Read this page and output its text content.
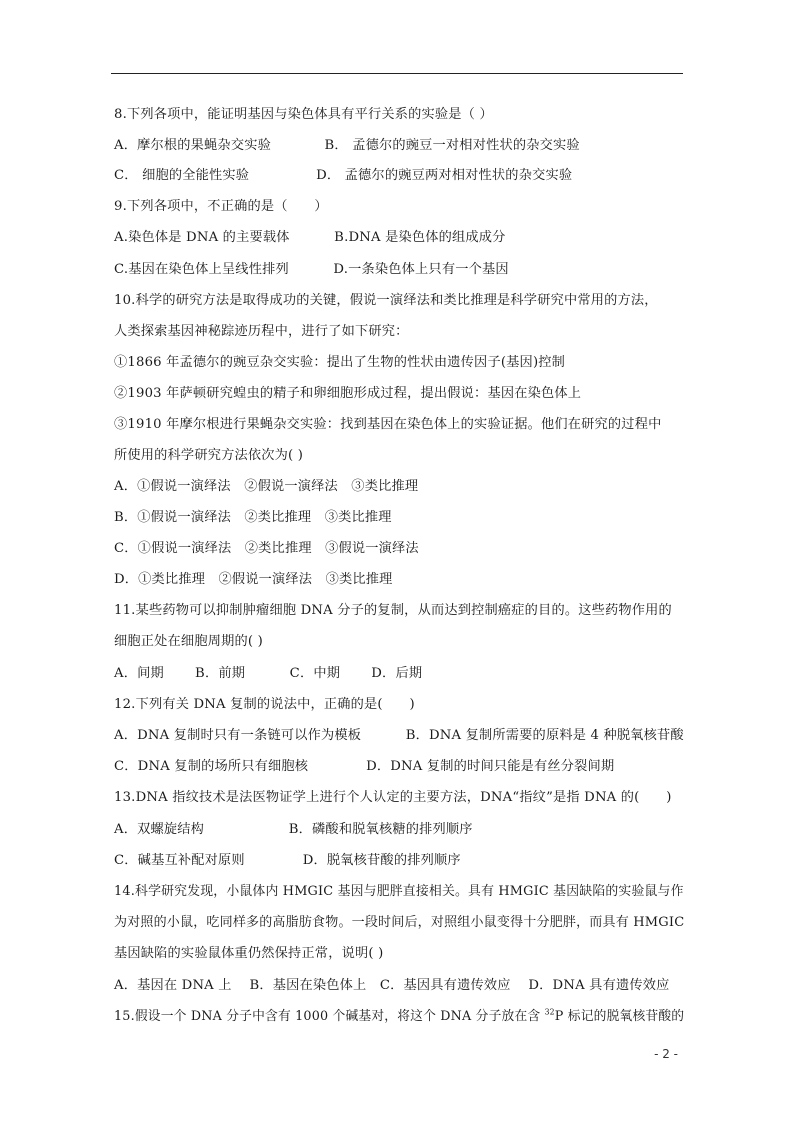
8.下列各项中，能证明基因与染色体具有平行关系的实验是（ ）
A．摩尔根的果蝇杂交实验　　　　B． 孟德尔的豌豆一对相对性状的杂交实验
C． 细胞的全能性实验　　　　　D． 孟德尔的豌豆两对相对性状的杂交实验
9.下列各项中，不正确的是（　　）
A.染色体是 DNA 的主要载体　　　 B.DNA 是染色体的组成成分
C.基因在染色体上呈线性排列　　　 D.一条染色体上只有一个基因
10.科学的研究方法是取得成功的关键，假说一演绎法和类比推理是科学研究中常用的方法，
人类探索基因神秘踪迹历程中，进行了如下研究：
①1866 年孟德尔的豌豆杂交实验：提出了生物的性状由遗传因子(基因)控制
②1903 年萨顿研究蝗虫的精子和卵细胞形成过程，提出假说：基因在染色体上
③1910 年摩尔根进行果蝇杂交实验：找到基因在染色体上的实验证据。他们在研究的过程中
所使用的科学研究方法依次为( )
A．①假说一演绎法　②假说一演绎法　③类比推理
B．①假说一演绎法　②类比推理　③类比推理
C．①假说一演绎法　②类比推理　③假说一演绎法
D．①类比推理　②假说一演绎法　③类比推理
11.某些药物可以抑制肿瘤细胞 DNA 分子的复制，从而达到控制癌症的目的。这些药物作用的
细胞正处在细胞周期的( )
A．间期　　 B．前期　　　 C．中期　　 D．后期
12.下列有关 DNA 复制的说法中，正确的是(　　)
A．DNA 复制时只有一条链可以作为模板　　　 B．DNA 复制所需要的原料是 4 种脱氧核苷酸
C．DNA 复制的场所只有细胞核　　　　 D．DNA 复制的时间只能是有丝分裂间期
13.DNA 指纹技术是法医物证学上进行个人认定的主要方法，DNA“指纹”是指 DNA 的(　　)
A．双螺旋结构　　　　　　 B．磷酸和脱氧核糖的排列顺序
C．碱基互补配对原则　　　　 D．脱氧核苷酸的排列顺序
14.科学研究发现，小鼠体内 HMGIC 基因与肥胖直接相关。具有 HMGIC 基因缺陷的实验鼠与作
为对照的小鼠，吃同样多的高脂肪食物。一段时间后，对照组小鼠变得十分肥胖，而具有 HMGIC
基因缺陷的实验鼠体重仍然保持正常，说明( )
A．基因在 DNA 上　 B．基因在染色体上　C．基因具有遗传效应　 D．DNA 具有遗传效应
15.假设一个 DNA 分子中含有 1000 个碱基对，将这个 DNA 分子放在含 $^{32}$P 标记的脱氧核苷酸的
- 2 -
